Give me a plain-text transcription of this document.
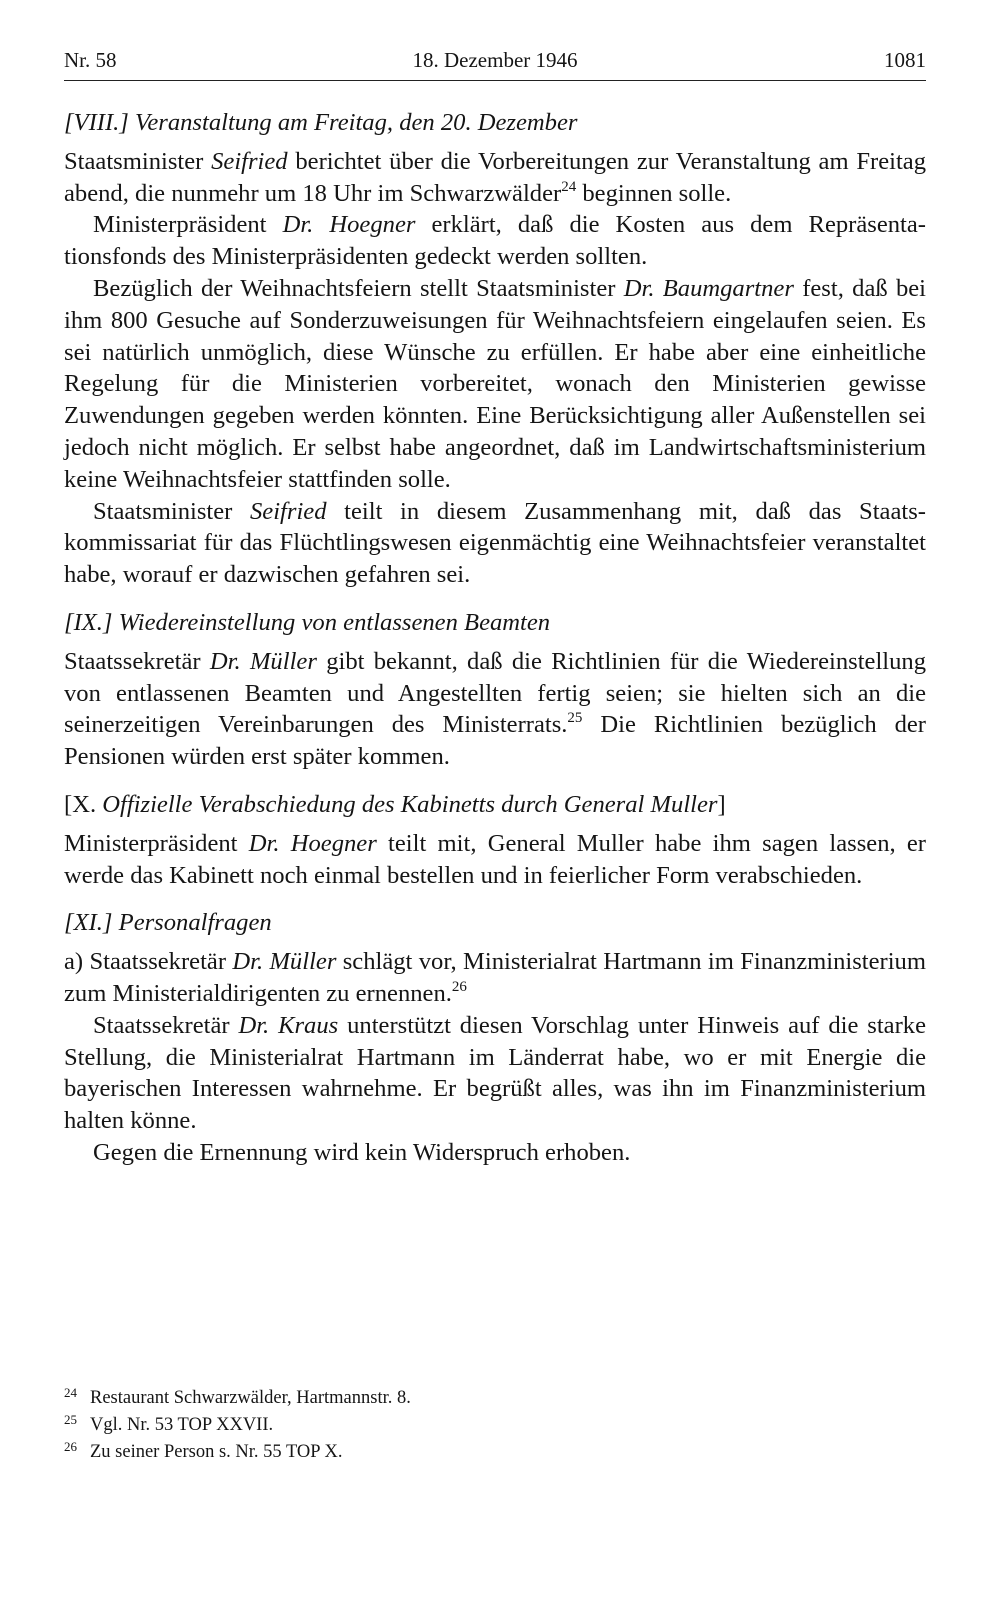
Nr. 58	18. Dezember 1946	1081

[VIII.] Veranstaltung am Freitag, den 20. Dezember

Staatsminister Seifried berichtet über die Vorbereitungen zur Veranstaltung am Freitag abend, die nunmehr um 18 Uhr im Schwarzwälder$^{24}$ beginnen solle.

Ministerpräsident Dr. Hoegner erklärt, daß die Kosten aus dem Repräsentationsfonds des Ministerpräsidenten gedeckt werden sollten.

Bezüglich der Weihnachtsfeiern stellt Staatsminister Dr. Baumgartner fest, daß bei ihm 800 Gesuche auf Sonderzuweisungen für Weihnachtsfeiern eingelaufen seien. Es sei natürlich unmöglich, diese Wünsche zu erfüllen. Er habe aber eine einheitliche Regelung für die Ministerien vorbereitet, wonach den Ministerien gewisse Zuwendungen gegeben werden könnten. Eine Berücksichtigung aller Außenstellen sei jedoch nicht möglich. Er selbst habe angeordnet, daß im Landwirtschaftsministerium keine Weihnachtsfeier stattfinden solle.

Staatsminister Seifried teilt in diesem Zusammenhang mit, daß das Staatskommissariat für das Flüchtlingswesen eigenmächtig eine Weihnachtsfeier veranstaltet habe, worauf er dazwischen gefahren sei.

[IX.] Wiedereinstellung von entlassenen Beamten

Staatssekretär Dr. Müller gibt bekannt, daß die Richtlinien für die Wiedereinstellung von entlassenen Beamten und Angestellten fertig seien; sie hielten sich an die seinerzeitigen Vereinbarungen des Ministerrats.$^{25}$ Die Richtlinien bezüglich der Pensionen würden erst später kommen.

[X. Offizielle Verabschiedung des Kabinetts durch General Muller]

Ministerpräsident Dr. Hoegner teilt mit, General Muller habe ihm sagen lassen, er werde das Kabinett noch einmal bestellen und in feierlicher Form verabschieden.

[XI.] Personalfragen

a) Staatssekretär Dr. Müller schlägt vor, Ministerialrat Hartmann im Finanzministerium zum Ministerialdirigenten zu ernennen.$^{26}$

Staatssekretär Dr. Kraus unterstützt diesen Vorschlag unter Hinweis auf die starke Stellung, die Ministerialrat Hartmann im Länderrat habe, wo er mit Energie die bayerischen Interessen wahrnehme. Er begrüßt alles, was ihn im Finanzministerium halten könne.

Gegen die Ernennung wird kein Widerspruch erhoben.

24 Restaurant Schwarzwälder, Hartmannstr. 8.
25 Vgl. Nr. 53 TOP XXVII.
26 Zu seiner Person s. Nr. 55 TOP X.
